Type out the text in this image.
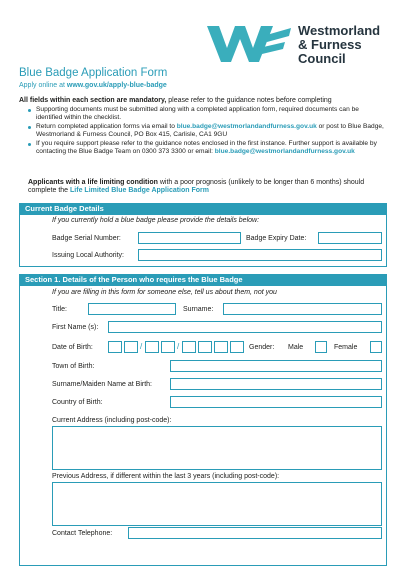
Westmorland
& Furness
Council
Blue Badge Application Form
Apply online at www.gov.uk/apply-blue-badge
All fields within each section are mandatory, please refer to the guidance notes before completing
Supporting documents must be submitted along with a completed application form, required documents can be identified within the checklist.
Return completed application forms via email to blue.badge@westmorlandandfurness.gov.uk or post to Blue Badge, Westmorland & Furness Council, PO Box 415, Carlisle, CA1 9GU
If you require support please refer to the guidance notes enclosed in the first instance. Further support is available by contacting the Blue Badge Team on 0300 373 3300 or email: blue.badge@westmorlandandfurness.gov.uk
Applicants with a life limiting condition with a poor prognosis (unlikely to be longer than 6 months) should complete the Life Limited Blue Badge Application Form
Current Badge Details
If you currently hold a blue badge please provide the details below:
Badge Serial Number:	Badge Expiry Date:
Issuing Local Authority:
Section 1. Details of the Person who requires the Blue Badge
If you are filling in this form for someone else, tell us about them, not you
Title:	Surname:
First Name (s):
Date of Birth:	/	/	Gender: Male	Female
Town of Birth:
Surname/Maiden Name at Birth:
Country of Birth:
Current Address (including post-code):
Previous Address, if different within the last 3 years (including post-code):
Contact Telephone:
